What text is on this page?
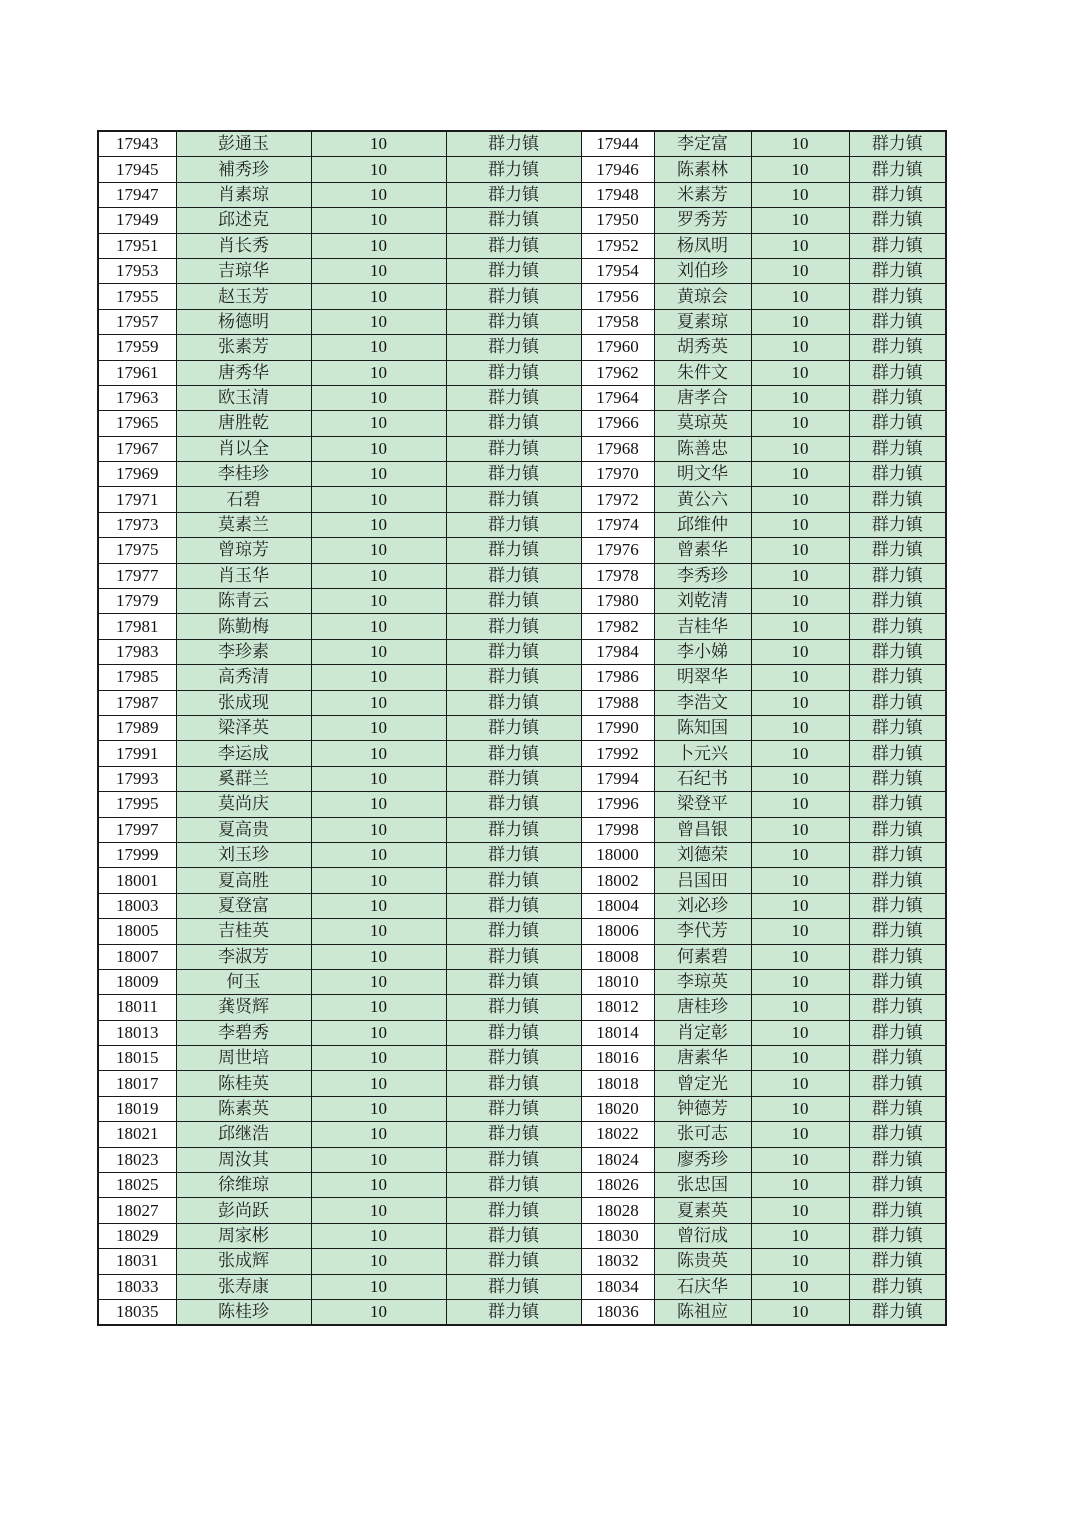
17943	彭通玉	10	群力镇	17944	李定富	10	群力镇
17945	補秀珍	10	群力镇	17946	陈素林	10	群力镇
17947	肖素琼	10	群力镇	17948	米素芳	10	群力镇
17949	邱述克	10	群力镇	17950	罗秀芳	10	群力镇
17951	肖长秀	10	群力镇	17952	杨凤明	10	群力镇
17953	吉琼华	10	群力镇	17954	刘伯珍	10	群力镇
17955	赵玉芳	10	群力镇	17956	黄琼会	10	群力镇
17957	杨德明	10	群力镇	17958	夏素琼	10	群力镇
17959	张素芳	10	群力镇	17960	胡秀英	10	群力镇
17961	唐秀华	10	群力镇	17962	朱件文	10	群力镇
17963	欧玉清	10	群力镇	17964	唐孝合	10	群力镇
17965	唐胜乾	10	群力镇	17966	莫琼英	10	群力镇
17967	肖以全	10	群力镇	17968	陈善忠	10	群力镇
17969	李桂珍	10	群力镇	17970	明文华	10	群力镇
17971	石碧	10	群力镇	17972	黄公六	10	群力镇
17973	莫素兰	10	群力镇	17974	邱维仲	10	群力镇
17975	曾琼芳	10	群力镇	17976	曾素华	10	群力镇
17977	肖玉华	10	群力镇	17978	李秀珍	10	群力镇
17979	陈青云	10	群力镇	17980	刘乾清	10	群力镇
17981	陈勤梅	10	群力镇	17982	吉桂华	10	群力镇
17983	李珍素	10	群力镇	17984	李小娣	10	群力镇
17985	高秀清	10	群力镇	17986	明翠华	10	群力镇
17987	张成现	10	群力镇	17988	李浩文	10	群力镇
17989	梁泽英	10	群力镇	17990	陈知国	10	群力镇
17991	李运成	10	群力镇	17992	卜元兴	10	群力镇
17993	奚群兰	10	群力镇	17994	石纪书	10	群力镇
17995	莫尚庆	10	群力镇	17996	梁登平	10	群力镇
17997	夏高贵	10	群力镇	17998	曾昌银	10	群力镇
17999	刘玉珍	10	群力镇	18000	刘德荣	10	群力镇
18001	夏高胜	10	群力镇	18002	吕国田	10	群力镇
18003	夏登富	10	群力镇	18004	刘必珍	10	群力镇
18005	吉桂英	10	群力镇	18006	李代芳	10	群力镇
18007	李淑芳	10	群力镇	18008	何素碧	10	群力镇
18009	何玉	10	群力镇	18010	李琼英	10	群力镇
18011	龚贤辉	10	群力镇	18012	唐桂珍	10	群力镇
18013	李碧秀	10	群力镇	18014	肖定彰	10	群力镇
18015	周世培	10	群力镇	18016	唐素华	10	群力镇
18017	陈桂英	10	群力镇	18018	曾定光	10	群力镇
18019	陈素英	10	群力镇	18020	钟德芳	10	群力镇
18021	邱继浩	10	群力镇	18022	张可志	10	群力镇
18023	周汝其	10	群力镇	18024	廖秀珍	10	群力镇
18025	徐维琼	10	群力镇	18026	张忠国	10	群力镇
18027	彭尚跃	10	群力镇	18028	夏素英	10	群力镇
18029	周家彬	10	群力镇	18030	曾衍成	10	群力镇
18031	张成辉	10	群力镇	18032	陈贵英	10	群力镇
18033	张寿康	10	群力镇	18034	石庆华	10	群力镇
18035	陈桂珍	10	群力镇	18036	陈祖应	10	群力镇
